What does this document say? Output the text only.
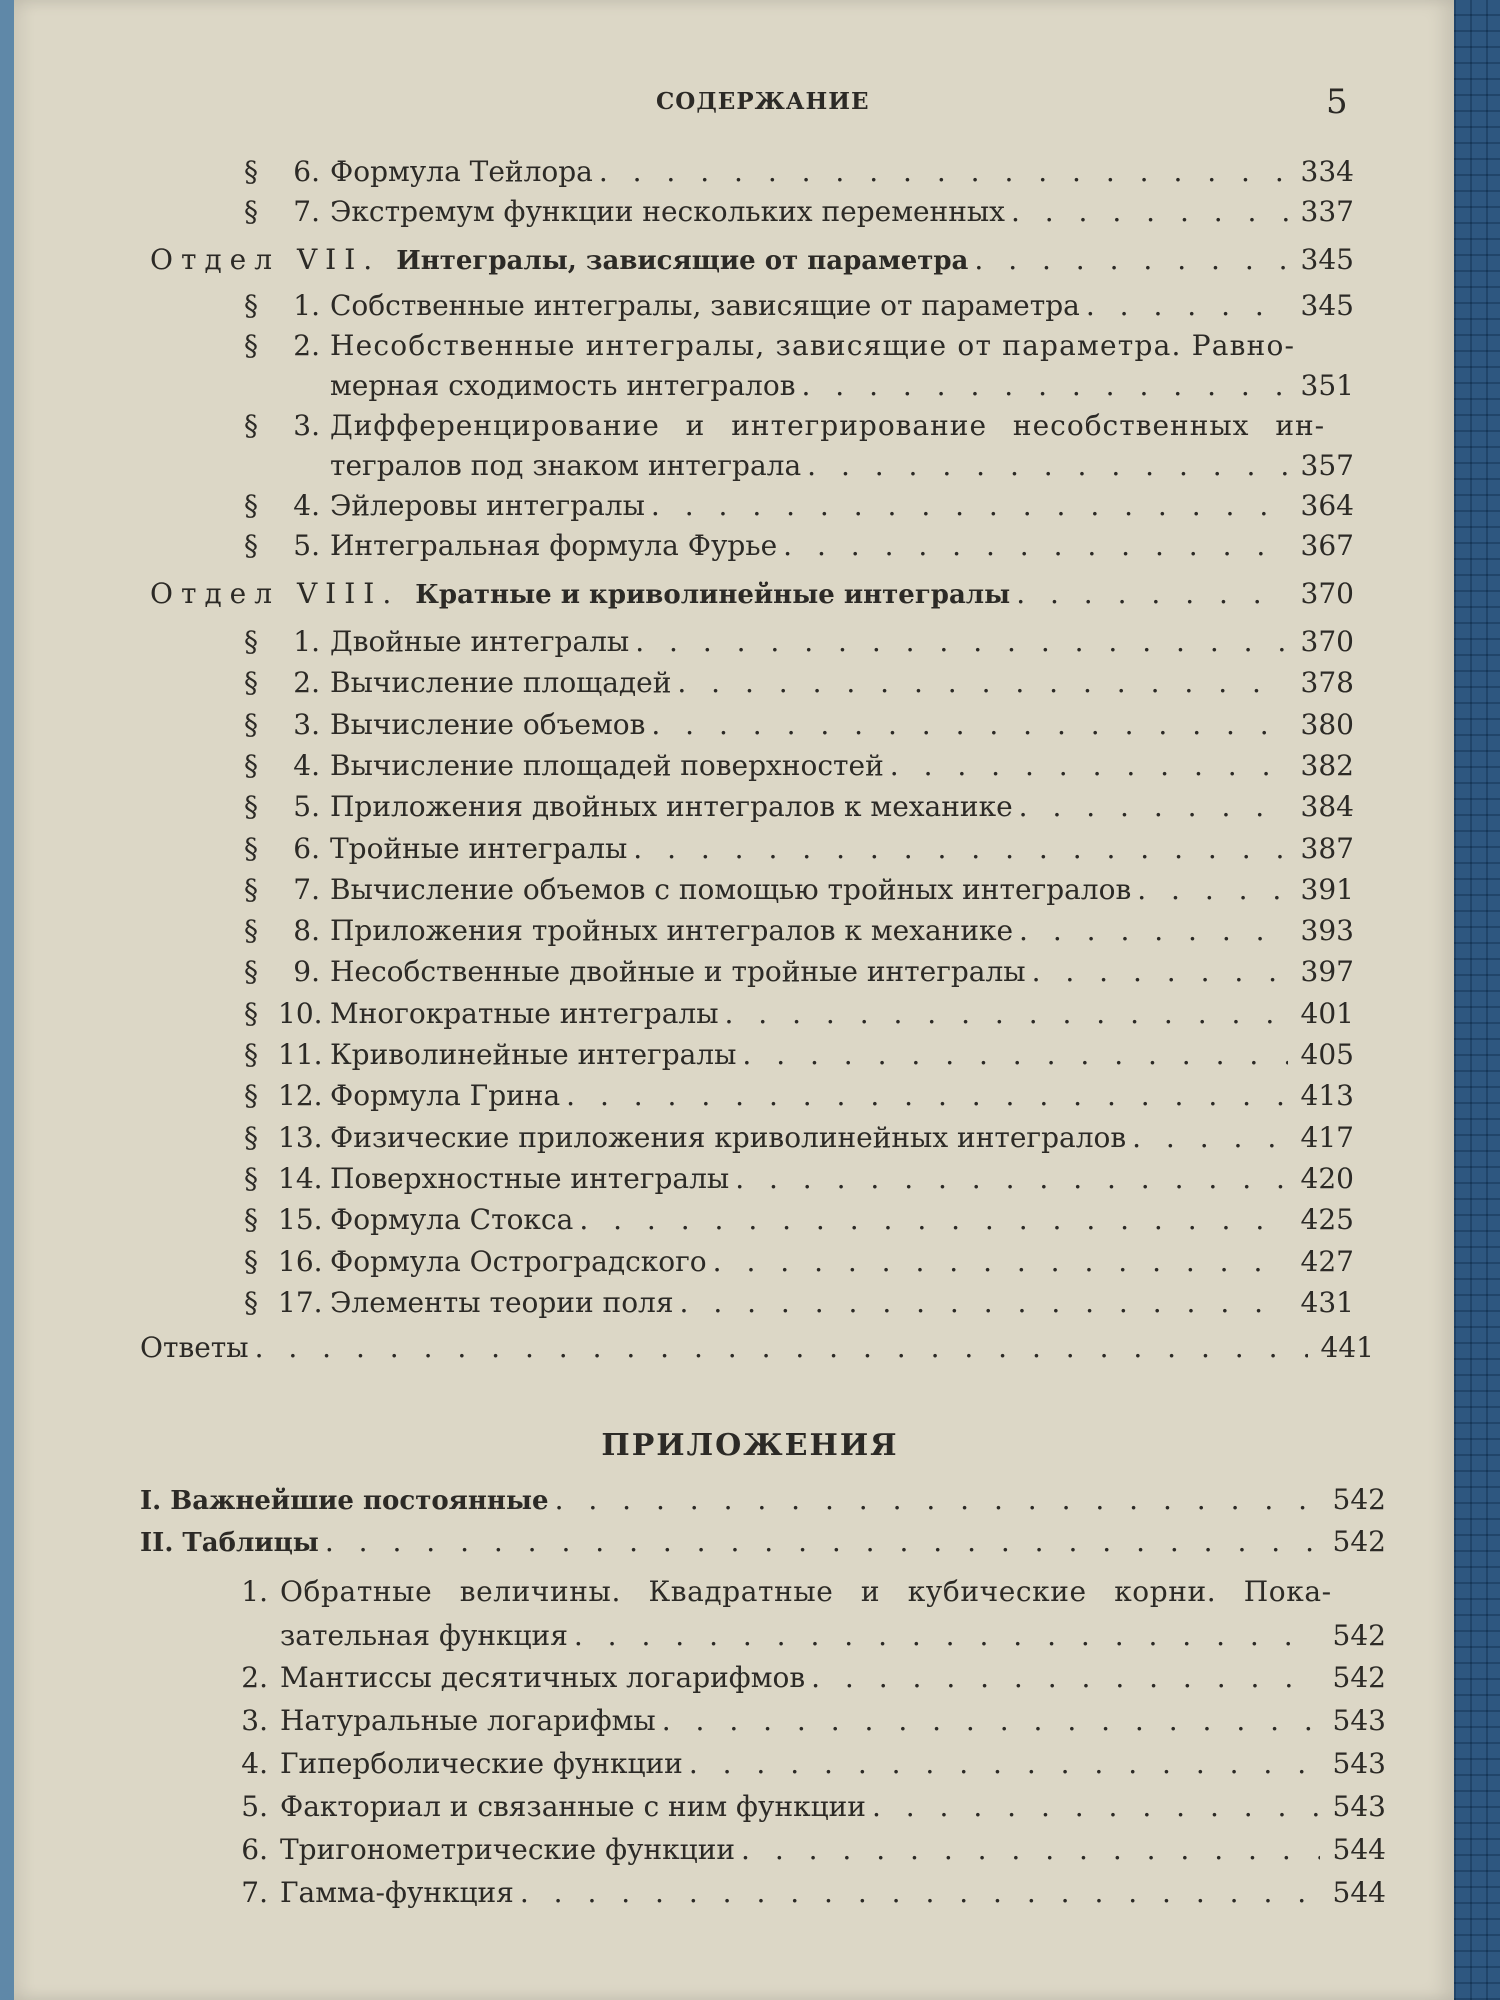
СОДЕРЖАНИЕ	5
§	6. Формула Тейлора . . .	334
§	7. Экстремум функции нескольких переменных . . .	337
Отдел VII. Интегралы, зависящие от параметра . . .	345
§	1. Собственные интегралы, зависящие от параметра . . .	345
§ 2. Несобственные интегралы, зависящие от параметра. Равно-
мерная сходимость интегралов . . .	351
§ 3. Дифференцирование и интегрирование несобственных ин-
тегралов под знаком интеграла . . .	357
§	4. Эйлеровы интегралы . . .	364
§	5. Интегральная формула Фурье . . .	367
Отдел VIII. Кратные и криволинейные интегралы . . .	370
§	1. Двойные интегралы . . .	370
§	2. Вычисление площадей . . .	378
§	3. Вычисление объемов . . .	380
§	4. Вычисление площадей поверхностей . . .	382
§	5. Приложения двойных интегралов к механике . . .	384
§	6. Тройные интегралы . . .	387
§	7. Вычисление объемов с помощью тройных интегралов . . .	391
§	8. Приложения тройных интегралов к механике . . .	393
§	9. Несобственные двойные и тройные интегралы . . .	397
§ 10. Многократные интегралы . . .	401
§ 11. Криволинейные интегралы . . .	405
§ 12. Формула Грина . . .	413
§ 13. Физические приложения криволинейных интегралов . . .	417
§ 14. Поверхностные интегралы . . .	420
§ 15. Формула Стокса . . .	425
§ 16. Формула Остроградского . . .	427
§ 17. Элементы теории поля . . .	431
Ответы . . .	441
ПРИЛОЖЕНИЯ
I. Важнейшие постоянные . . .	542
II. Таблицы . . .	542
1. Обратные величины. Квадратные и кубические корни. Пока-
зательная функция . . .	542
2. Мантиссы десятичных логарифмов . . .	542
3. Натуральные логарифмы . . .	543
4. Гиперболические функции . . .	543
5. Факториал и связанные с ним функции . . .	543
6. Тригонометрические функции . . .	544
7. Гамма-функция . . .	544
